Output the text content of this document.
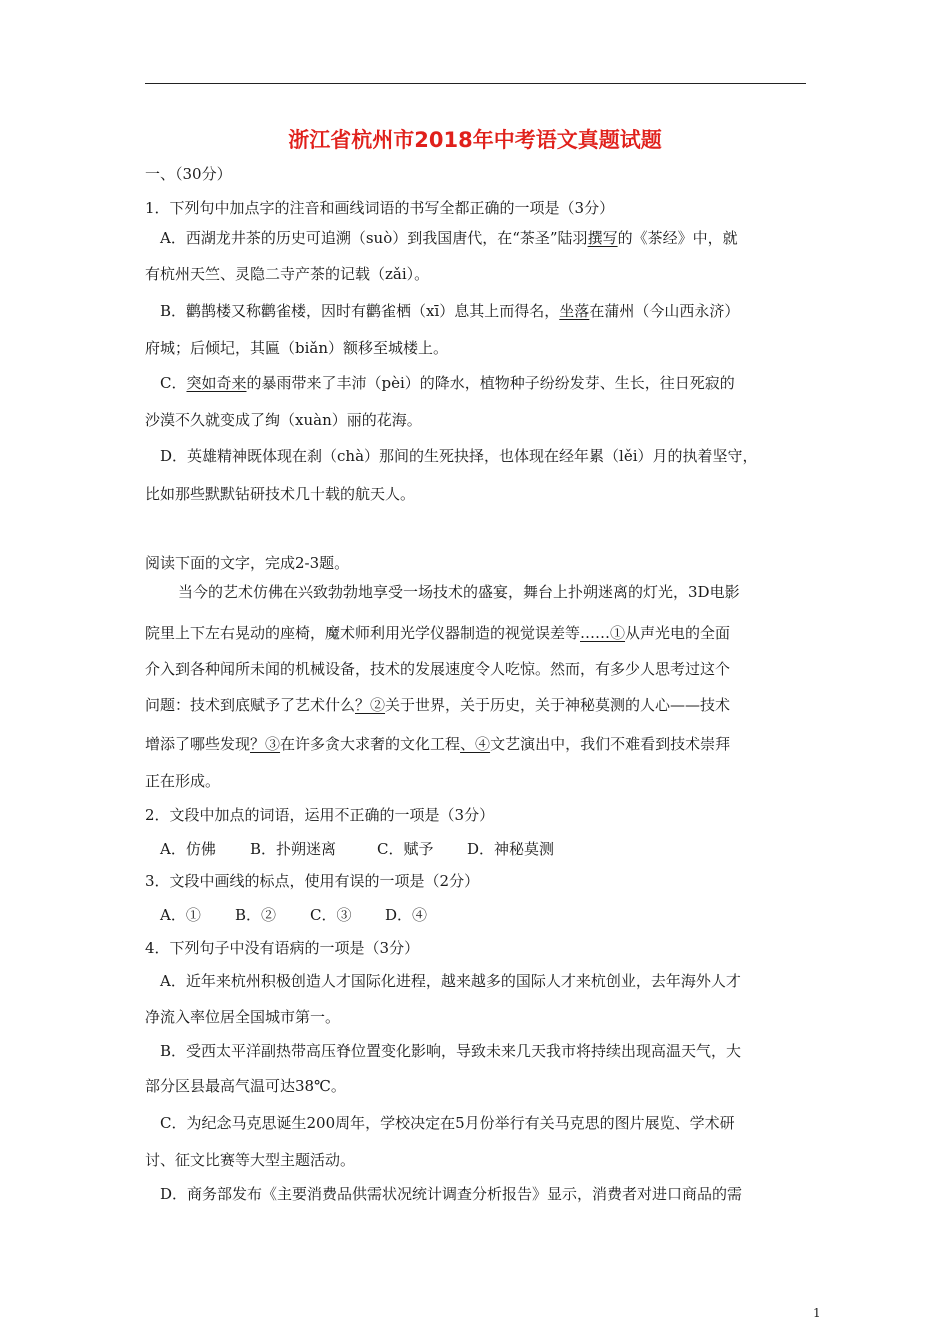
浙江省杭州市2018年中考语文真题试题
一、（30分）
1．下列句中加点字的注音和画线词语的书写全都正确的一项是（3分）
A．西湖龙井茶的历史可追溯（suò）到我国唐代，在“茶圣”陆羽撰写的《茶经》中，就
有杭州天竺、灵隐二寺产茶的记载（zǎi）。
B．鹳鹊楼又称鹳雀楼，因时有鹳雀栖（xī）息其上而得名，坐落在蒲州（今山西永济）
府城；后倾圮，其匾（biǎn）额移至城楼上。
C．突如奇来的暴雨带来了丰沛（pèi）的降水，植物种子纷纷发芽、生长，往日死寂的
沙漠不久就变成了绚（xuàn）丽的花海。
D．英雄精神既体现在刹（chà）那间的生死抉择，也体现在经年累（lěi）月的执着坚守，
比如那些默默钻研技术几十载的航天人。
阅读下面的文字，完成2-3题。
当今的艺术仿佛在兴致勃勃地享受一场技术的盛宴，舞台上扑朔迷离的灯光，3D电影
院里上下左右晃动的座椅，魔术师利用光学仪器制造的视觉误差等……①从声光电的全面
介入到各种闻所未闻的机械设备，技术的发展速度令人吃惊。然而，有多少人思考过这个
问题：技术到底赋予了艺术什么？②关于世界，关于历史，关于神秘莫测的人心——技术
增添了哪些发现？③在许多贪大求奢的文化工程、④文艺演出中，我们不难看到技术崇拜
正在形成。
2．文段中加点的词语，运用不正确的一项是（3分）
A．仿佛 B．扑朔迷离	C．赋予 D．神秘莫测
3．文段中画线的标点，使用有误的一项是（2分）
A．① B．② C．③ D．④
4．下列句子中没有语病的一项是（3分）
A．近年来杭州积极创造人才国际化进程，越来越多的国际人才来杭创业，去年海外人才
净流入率位居全国城市第一。
B．受西太平洋副热带高压脊位置变化影响，导致未来几天我市将持续出现高温天气，大
部分区县最高气温可达38℃。
C．为纪念马克思诞生200周年，学校决定在5月份举行有关马克思的图片展览、学术研
讨、征文比赛等大型主题活动。
D．商务部发布《主要消费品供需状况统计调查分析报告》显示，消费者对进口商品的需
1
